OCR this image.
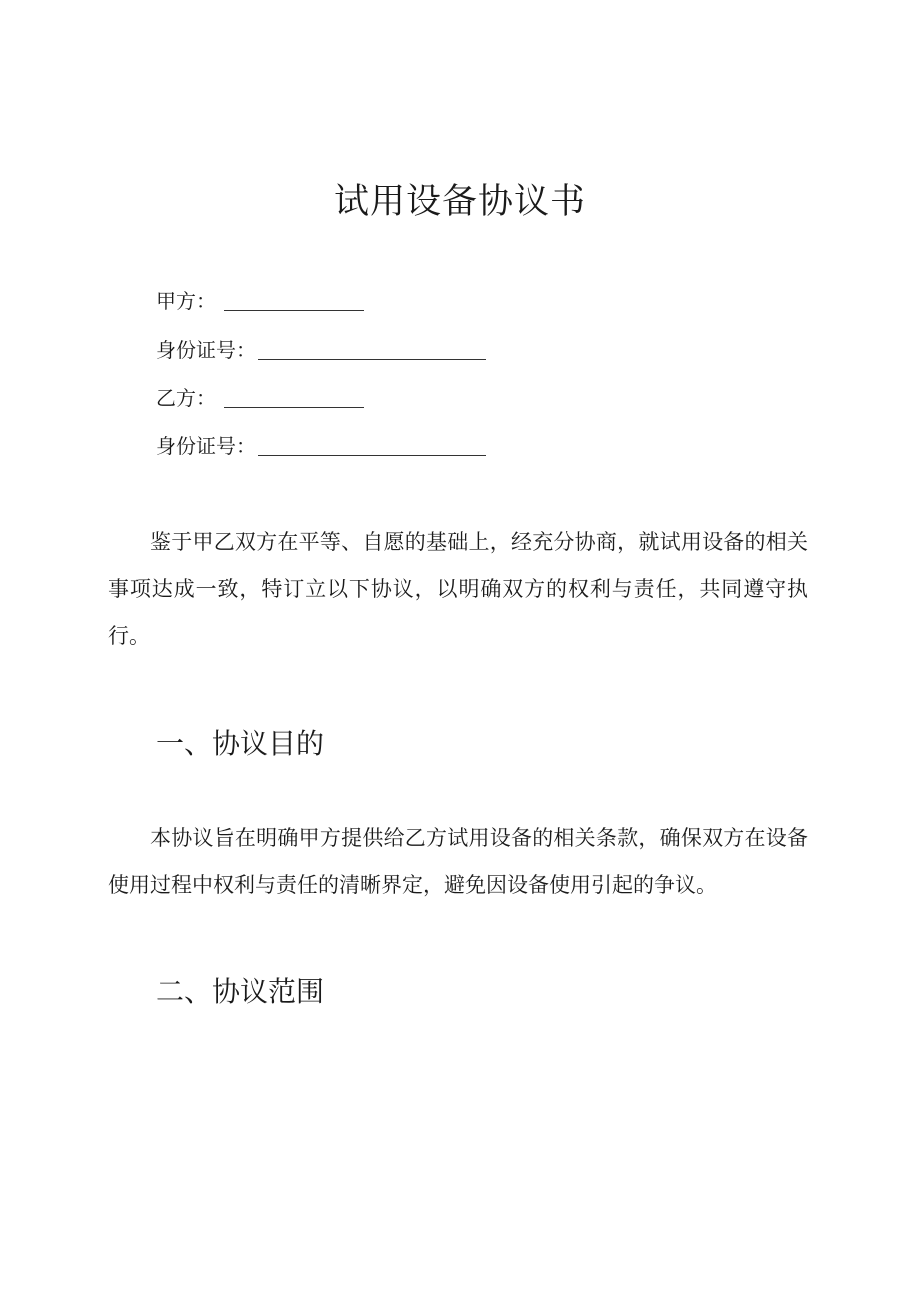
试用设备协议书
甲方：
身份证号：
乙方：
身份证号：

鉴于甲乙双方在平等、自愿的基础上，经充分协商，就试用设备的相关事项达成一致，特订立以下协议，以明确双方的权利与责任，共同遵守执行。

一、协议目的

本协议旨在明确甲方提供给乙方试用设备的相关条款，确保双方在设备使用过程中权利与责任的清晰界定，避免因设备使用引起的争议。

二、协议范围
